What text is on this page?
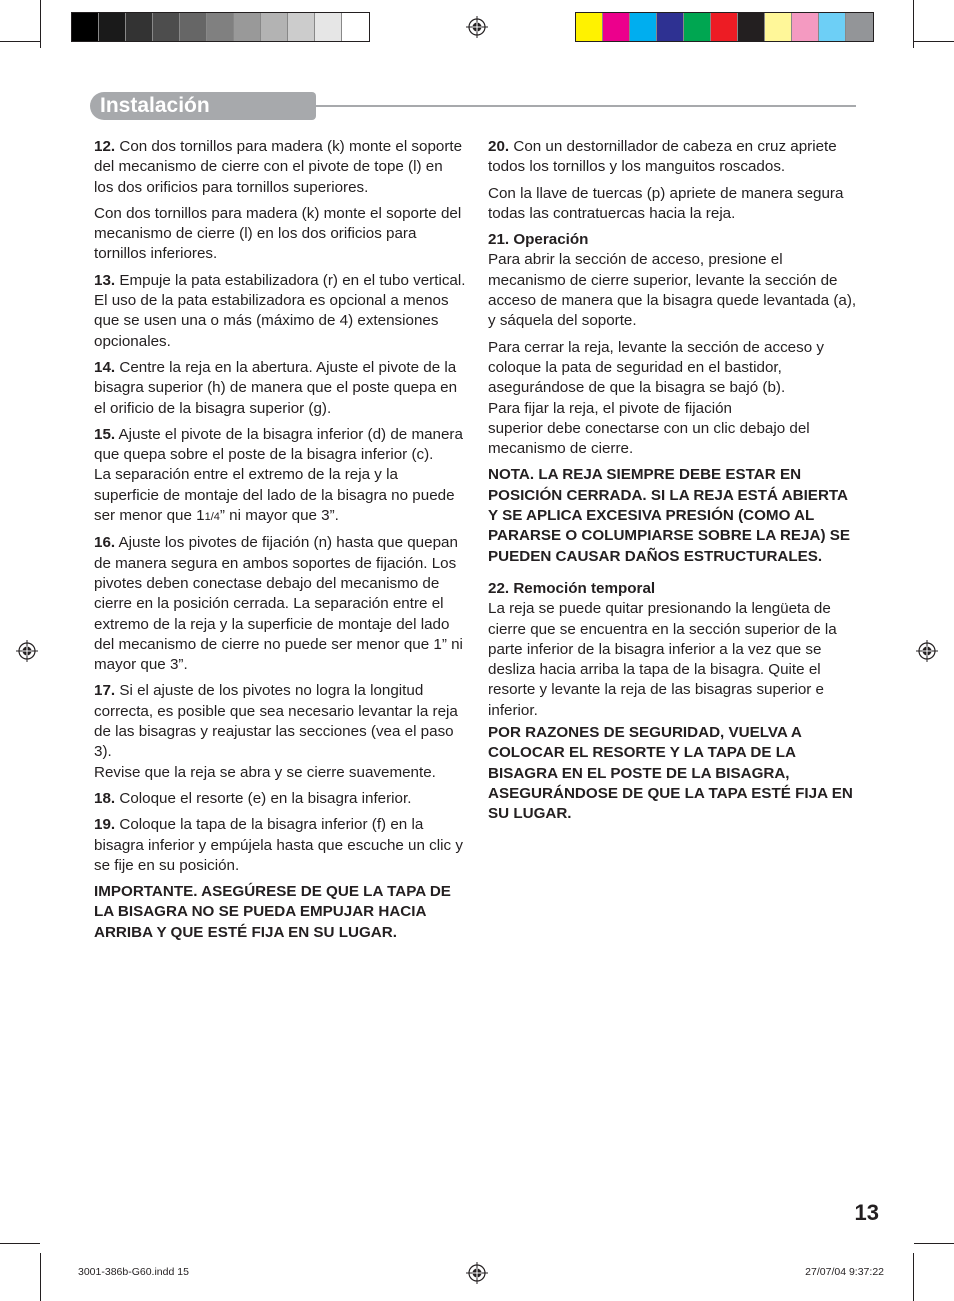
Instalación

12. Con dos tornillos para madera (k) monte el soporte del mecanismo de cierre con el pivote de tope (l) en los dos orificios para tornillos superiores.

Con dos tornillos para madera (k) monte el soporte del mecanismo de cierre (l) en los dos orificios para tornillos inferiores.

13. Empuje la pata estabilizadora (r) en el tubo vertical. El uso de la pata estabilizadora es opcional a menos que se usen una o más (máximo de 4) extensiones opcionales.

14. Centre la reja en la abertura. Ajuste el pivote de la bisagra superior (h) de manera que el poste quepa en el orificio de la bisagra superior (g).

15. Ajuste el pivote de la bisagra inferior (d) de manera que quepa sobre el poste de la bisagra inferior (c).
La separación entre el extremo de la reja y la superficie de montaje del lado de la bisagra no puede ser menor que 11/4” ni mayor que 3”.

16. Ajuste los pivotes de fijación (n) hasta que quepan de manera segura en ambos soportes de fijación. Los pivotes deben conectase debajo del mecanismo de cierre en la posición cerrada. La separación entre el extremo de la reja y la superficie de montaje del lado del mecanismo de cierre no puede ser menor que 1” ni mayor que 3”.

17. Si el ajuste de los pivotes no logra la longitud correcta, es posible que sea necesario levantar la reja de las bisagras y reajustar las secciones (vea el paso 3).
Revise que la reja se abra y se cierre suavemente.

18. Coloque el resorte (e) en la bisagra inferior.

19. Coloque la tapa de la bisagra inferior (f) en la bisagra inferior y empújela hasta que escuche un clic y se fije en su posición.

IMPORTANTE. ASEGÚRESE DE QUE LA TAPA DE LA BISAGRA NO SE PUEDA EMPUJAR HACIA ARRIBA Y QUE ESTÉ FIJA EN SU LUGAR.

20. Con un destornillador de cabeza en cruz apriete todos los tornillos y los manguitos roscados.

Con la llave de tuercas (p) apriete de manera segura todas las contratuercas hacia la reja.

21. Operación
Para abrir la sección de acceso, presione el mecanismo de cierre superior, levante la sección de acceso de manera que la bisagra quede levantada (a), y sáquela del soporte.

Para cerrar la reja, levante la sección de acceso y coloque la pata de seguridad en el bastidor, asegurándose de que la bisagra se bajó (b).
Para fijar la reja, el pivote de fijación
superior debe conectarse con un clic debajo del mecanismo de cierre.

NOTA. LA REJA SIEMPRE DEBE ESTAR EN POSICIÓN CERRADA. SI LA REJA ESTÁ ABIERTA Y SE APLICA EXCESIVA PRESIÓN (COMO AL PARARSE O COLUMPIARSE SOBRE LA REJA) SE PUEDEN CAUSAR DAÑOS ESTRUCTURALES.

22. Remoción temporal
La reja se puede quitar presionando la lengüeta de cierre que se encuentra en la sección superior de la parte inferior de la bisagra inferior a la vez que se desliza hacia arriba la tapa de la bisagra. Quite el resorte y levante la reja de las bisagras superior e inferior.

POR RAZONES DE SEGURIDAD, VUELVA A COLOCAR EL RESORTE Y LA TAPA DE LA BISAGRA EN EL POSTE DE LA BISAGRA, ASEGURÁNDOSE DE QUE LA TAPA ESTÉ FIJA EN SU LUGAR.

13
3001-386b-G60.indd 15	27/07/04 9:37:22
